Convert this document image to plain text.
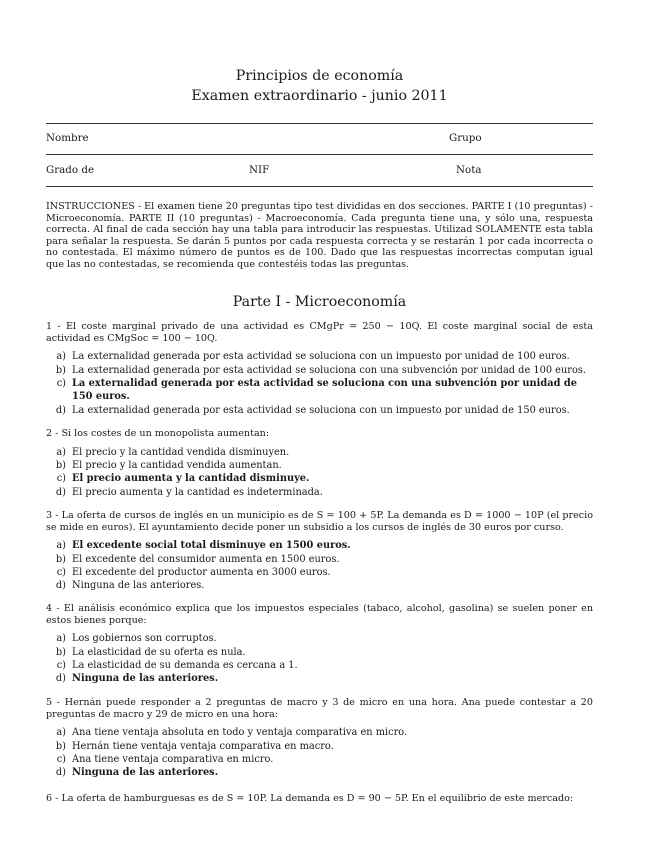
Principios de economía
Examen extraordinario - junio 2011
Nombre	Grupo
Grado de	NIF	Nota
INSTRUCCIONES - El examen tiene 20 preguntas tipo test divididas en dos secciones. PARTE I (10 preguntas) - Microeconomía. PARTE II (10 preguntas) - Macroeconomía. Cada pregunta tiene una, y sólo una, respuesta correcta. Al final de cada sección hay una tabla para introducir las respuestas. Utilizad SOLAMENTE esta tabla para señalar la respuesta. Se darán 5 puntos por cada respuesta correcta y se restarán 1 por cada incorrecta o no contestada. El máximo número de puntos es de 100. Dado que las respuestas incorrectas computan igual que las no contestadas, se recomienda que contestéis todas las preguntas.
Parte I - Microeconomía
1 - El coste marginal privado de una actividad es CMgPr = 250 − 10Q. El coste marginal social de esta actividad es CMgSoc = 100 − 10Q.
a) La externalidad generada por esta actividad se soluciona con un impuesto por unidad de 100 euros.
b) La externalidad generada por esta actividad se soluciona con una subvención por unidad de 100 euros.
c) La externalidad generada por esta actividad se soluciona con una subvención por unidad de 150 euros.
d) La externalidad generada por esta actividad se soluciona con un impuesto por unidad de 150 euros.
2 - Si los costes de un monopolista aumentan:
a) El precio y la cantidad vendida disminuyen.
b) El precio y la cantidad vendida aumentan.
c) El precio aumenta y la cantidad disminuye.
d) El precio aumenta y la cantidad es indeterminada.
3 - La oferta de cursos de inglés en un municipio es de S = 100 + 5P. La demanda es D = 1000 − 10P (el precio se mide en euros). El ayuntamiento decide poner un subsidio a los cursos de inglés de 30 euros por curso.
a) El excedente social total disminuye en 1500 euros.
b) El excedente del consumidor aumenta en 1500 euros.
c) El excedente del productor aumenta en 3000 euros.
d) Ninguna de las anteriores.
4 - El análisis económico explica que los impuestos especiales (tabaco, alcohol, gasolina) se suelen poner en estos bienes porque:
a) Los gobiernos son corruptos.
b) La elasticidad de su oferta es nula.
c) La elasticidad de su demanda es cercana a 1.
d) Ninguna de las anteriores.
5 - Hernán puede responder a 2 preguntas de macro y 3 de micro en una hora. Ana puede contestar a 20 preguntas de macro y 29 de micro en una hora:
a) Ana tiene ventaja absoluta en todo y ventaja comparativa en micro.
b) Hernán tiene ventaja ventaja comparativa en macro.
c) Ana tiene ventaja comparativa en micro.
d) Ninguna de las anteriores.
6 - La oferta de hamburguesas es de S = 10P. La demanda es D = 90 − 5P. En el equilibrio de este mercado:
